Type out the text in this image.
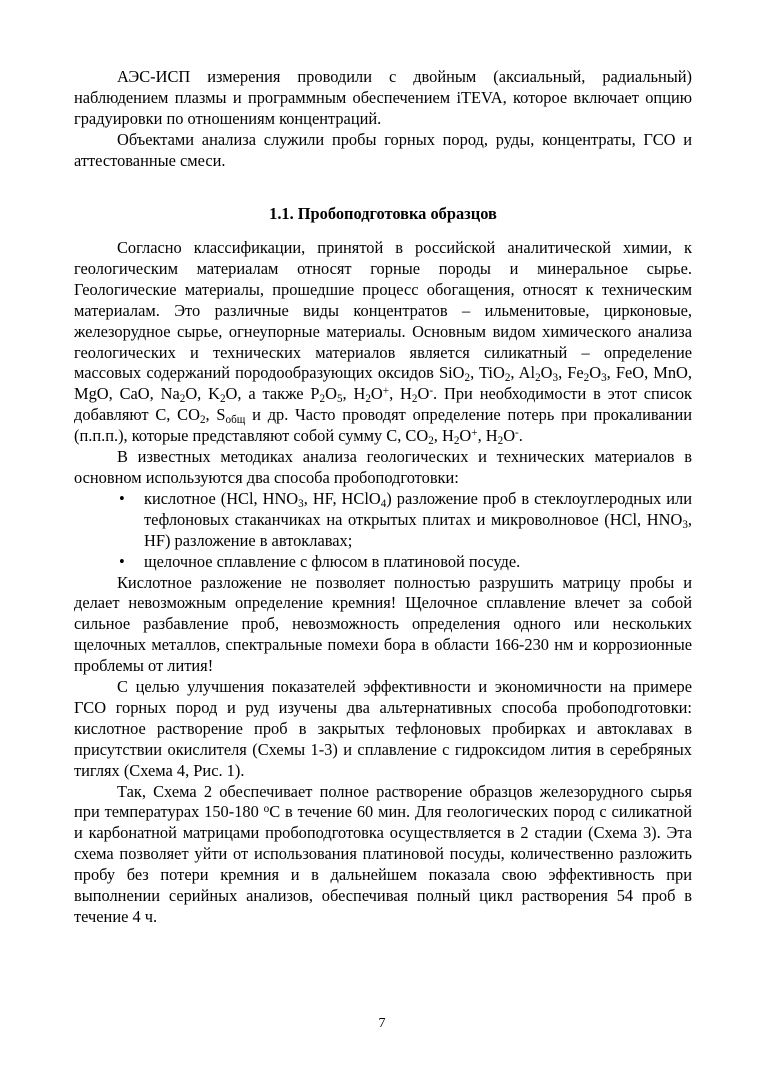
АЭС-ИСП измерения проводили с двойным (аксиальный, радиальный) наблюдением плазмы и программным обеспечением iTEVA, которое включает опцию градуировки по отношениям концентраций.

Объектами анализа служили пробы горных пород, руды, концентраты, ГСО и аттестованные смеси.

1.1. Пробоподготовка образцов

Согласно классификации, принятой в российской аналитической химии, к геологическим материалам относят горные породы и минеральное сырье. Геологические материалы, прошедшие процесс обогащения, относят к техническим материалам. Это различные виды концентратов – ильменитовые, цирконовые, железорудное сырье, огнеупорные материалы. Основным видом химического анализа геологических и технических материалов является силикатный – определение массовых содержаний породообразующих оксидов SiO$_2$, TiO$_2$, $Al_2O_3$, $Fe_2O_3$, FeO, MnO, MgO, CaO, $Na_2O$, $K_2O$, а также $P_2O_5$, $H_2O^+$, $H_2O^-$. При необходимости в этот список добавляют C, $CO_2$, $S_{общ}$ и др. Часто проводят определение потерь при прокаливании (п.п.п.), которые представляют собой сумму C, $CO_2$, $H_2O^+$, $H_2O^-$.

В известных методиках анализа геологических и технических материалов в основном используются два способа пробоподготовки:

• кислотное (HCl, $HNO_3$, HF, HClO$_4$) разложение проб в стеклоуглеродных или тефлоновых стаканчиках на открытых плитах и микроволновое (HCl, $HNO_3$, HF) разложение в автоклавах;
• щелочное сплавление с флюсом в платиновой посуде.

Кислотное разложение не позволяет полностью разрушить матрицу пробы и делает невозможным определение кремния! Щелочное сплавление влечет за собой сильное разбавление проб, невозможность определения одного или нескольких щелочных металлов, спектральные помехи бора в области 166-230 нм и коррозионные проблемы от лития!

С целью улучшения показателей эффективности и экономичности на примере ГСО горных пород и руд изучены два альтернативных способа пробоподготовки: кислотное растворение проб в закрытых тефлоновых пробирках и автоклавах в присутствии окислителя (Схемы 1-3) и сплавление с гидроксидом лития в серебряных тиглях (Схема 4, Рис. 1).

Так, Схема 2 обеспечивает полное растворение образцов железорудного сырья при температурах 150-180 $^о$С в течение 60 мин. Для геологических пород с силикатной и карбонатной матрицами пробоподготовка осуществляется в 2 стадии (Схема 3). Эта схема позволяет уйти от использования платиновой посуды, количественно разложить пробу без потери кремния и в дальнейшем показала свою эффективность при выполнении серийных анализов, обеспечивая полный цикл растворения 54 проб в течение 4 ч.

7
